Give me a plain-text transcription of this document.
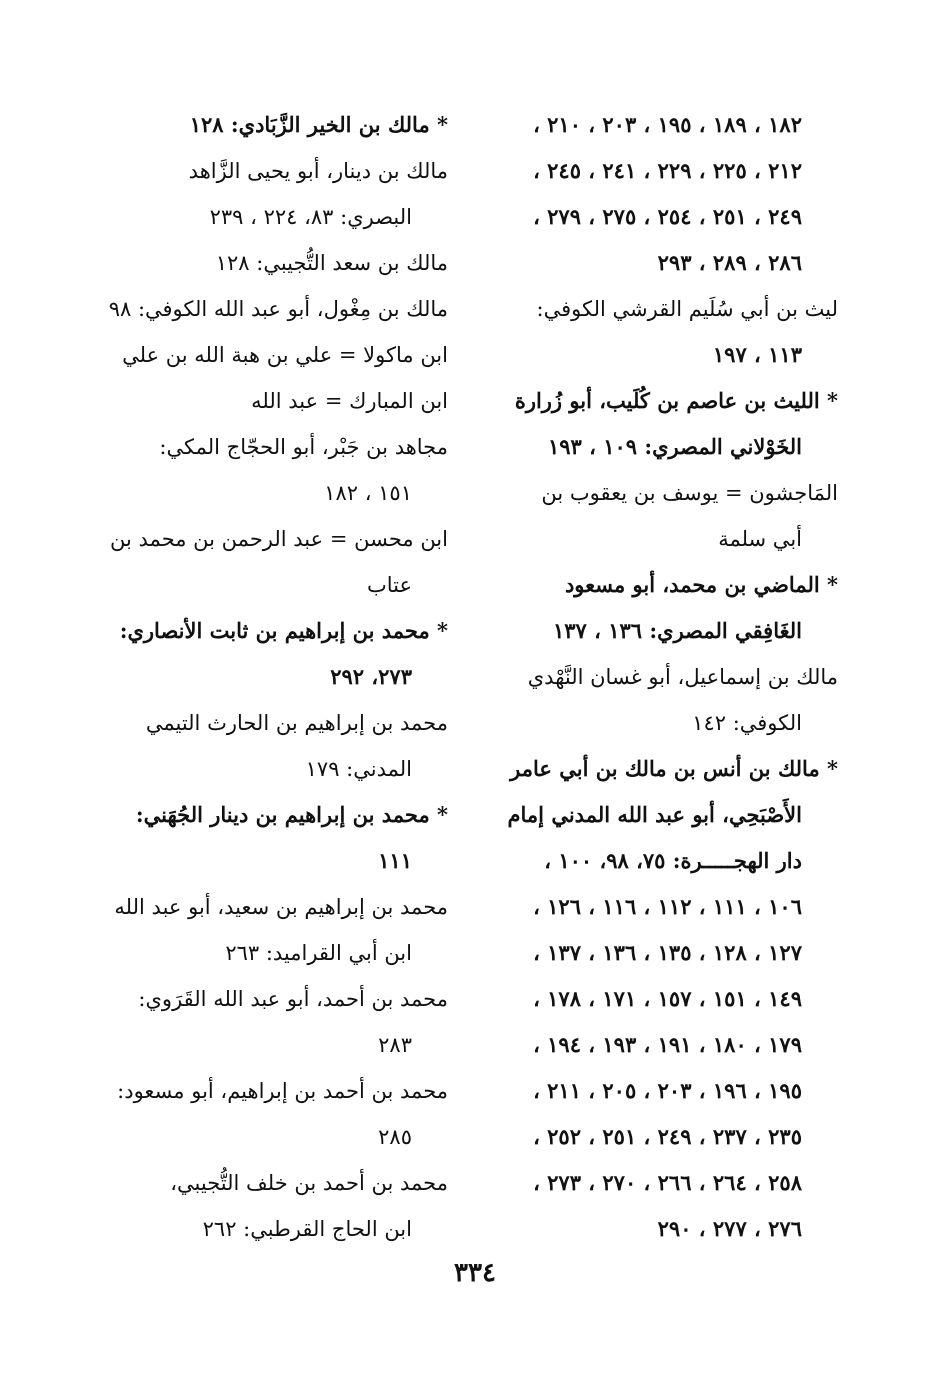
١٨٢ ، ١٨٩ ، ١٩٥ ، ٢٠٣ ، ٢١٠ ،
٢١٢ ، ٢٢٥ ، ٢٢٩ ، ٢٤١ ، ٢٤٥ ،
٢٤٩ ، ٢٥١ ، ٢٥٤ ، ٢٧٥ ، ٢٧٩ ،
٢٨٦ ، ٢٨٩ ، ٢٩٣
ليث بن أبي سُلَيم القرشي الكوفي:
١١٣ ، ١٩٧
* الليث بن عاصم بن كُلَيب، أبو زُرارة
الخَوْلاني المصري: ١٠٩ ، ١٩٣
المَاجشون = يوسف بن يعقوب بن
أبي سلمة
* الماضي بن محمد، أبو مسعود
الغَافِقي المصري: ١٣٦ ، ١٣٧
مالك بن إسماعيل، أبو غسان النَّهْدي
الكوفي: ١٤٢
* مالك بن أنس بن مالك بن أبي عامر
الأَصْبَحِي، أبو عبد الله المدني إمام
دار الهجـــــرة: ٧٥، ٩٨، ١٠٠ ،
١٠٦ ، ١١١ ، ١١٢ ، ١١٦ ، ١٢٦ ،
١٢٧ ، ١٢٨ ، ١٣٥ ، ١٣٦ ، ١٣٧ ،
١٤٩ ، ١٥١ ، ١٥٧ ، ١٧١ ، ١٧٨ ،
١٧٩ ، ١٨٠ ، ١٩١ ، ١٩٣ ، ١٩٤ ،
١٩٥ ، ١٩٦ ، ٢٠٣ ، ٢٠٥ ، ٢١١ ،
٢٣٥ ، ٢٣٧ ، ٢٤٩ ، ٢٥١ ، ٢٥٢ ،
٢٥٨ ، ٢٦٤ ، ٢٦٦ ، ٢٧٠ ، ٢٧٣ ،
٢٧٦ ، ٢٧٧ ، ٢٩٠
* مالك بن الخير الزَّبَادي: ١٢٨
مالك بن دينار، أبو يحيى الزَّاهد
البصري: ٨٣، ٢٢٤ ، ٢٣٩
مالك بن سعد التُّجيبي: ١٢٨
مالك بن مِغْول، أبو عبد الله الكوفي: ٩٨
ابن ماكولا = علي بن هبة الله بن علي
ابن المبارك = عبد الله
مجاهد بن جَبْر، أبو الحجّاج المكي:
١٥١ ، ١٨٢
ابن محسن = عبد الرحمن بن محمد بن
عتاب
* محمد بن إبراهيم بن ثابت الأنصاري:
٢٧٣، ٢٩٢
محمد بن إبراهيم بن الحارث التيمي
المدني: ١٧٩
* محمد بن إبراهيم بن دينار الجُهَني:
١١١
محمد بن إبراهيم بن سعيد، أبو عبد الله
ابن أبي القراميد: ٢٦٣
محمد بن أحمد، أبو عبد الله القَرَوي:
٢٨٣
محمد بن أحمد بن إبراهيم، أبو مسعود:
٢٨٥
محمد بن أحمد بن خلف التُّجيبي،
ابن الحاج القرطبي: ٢٦٢
٣٣٤
